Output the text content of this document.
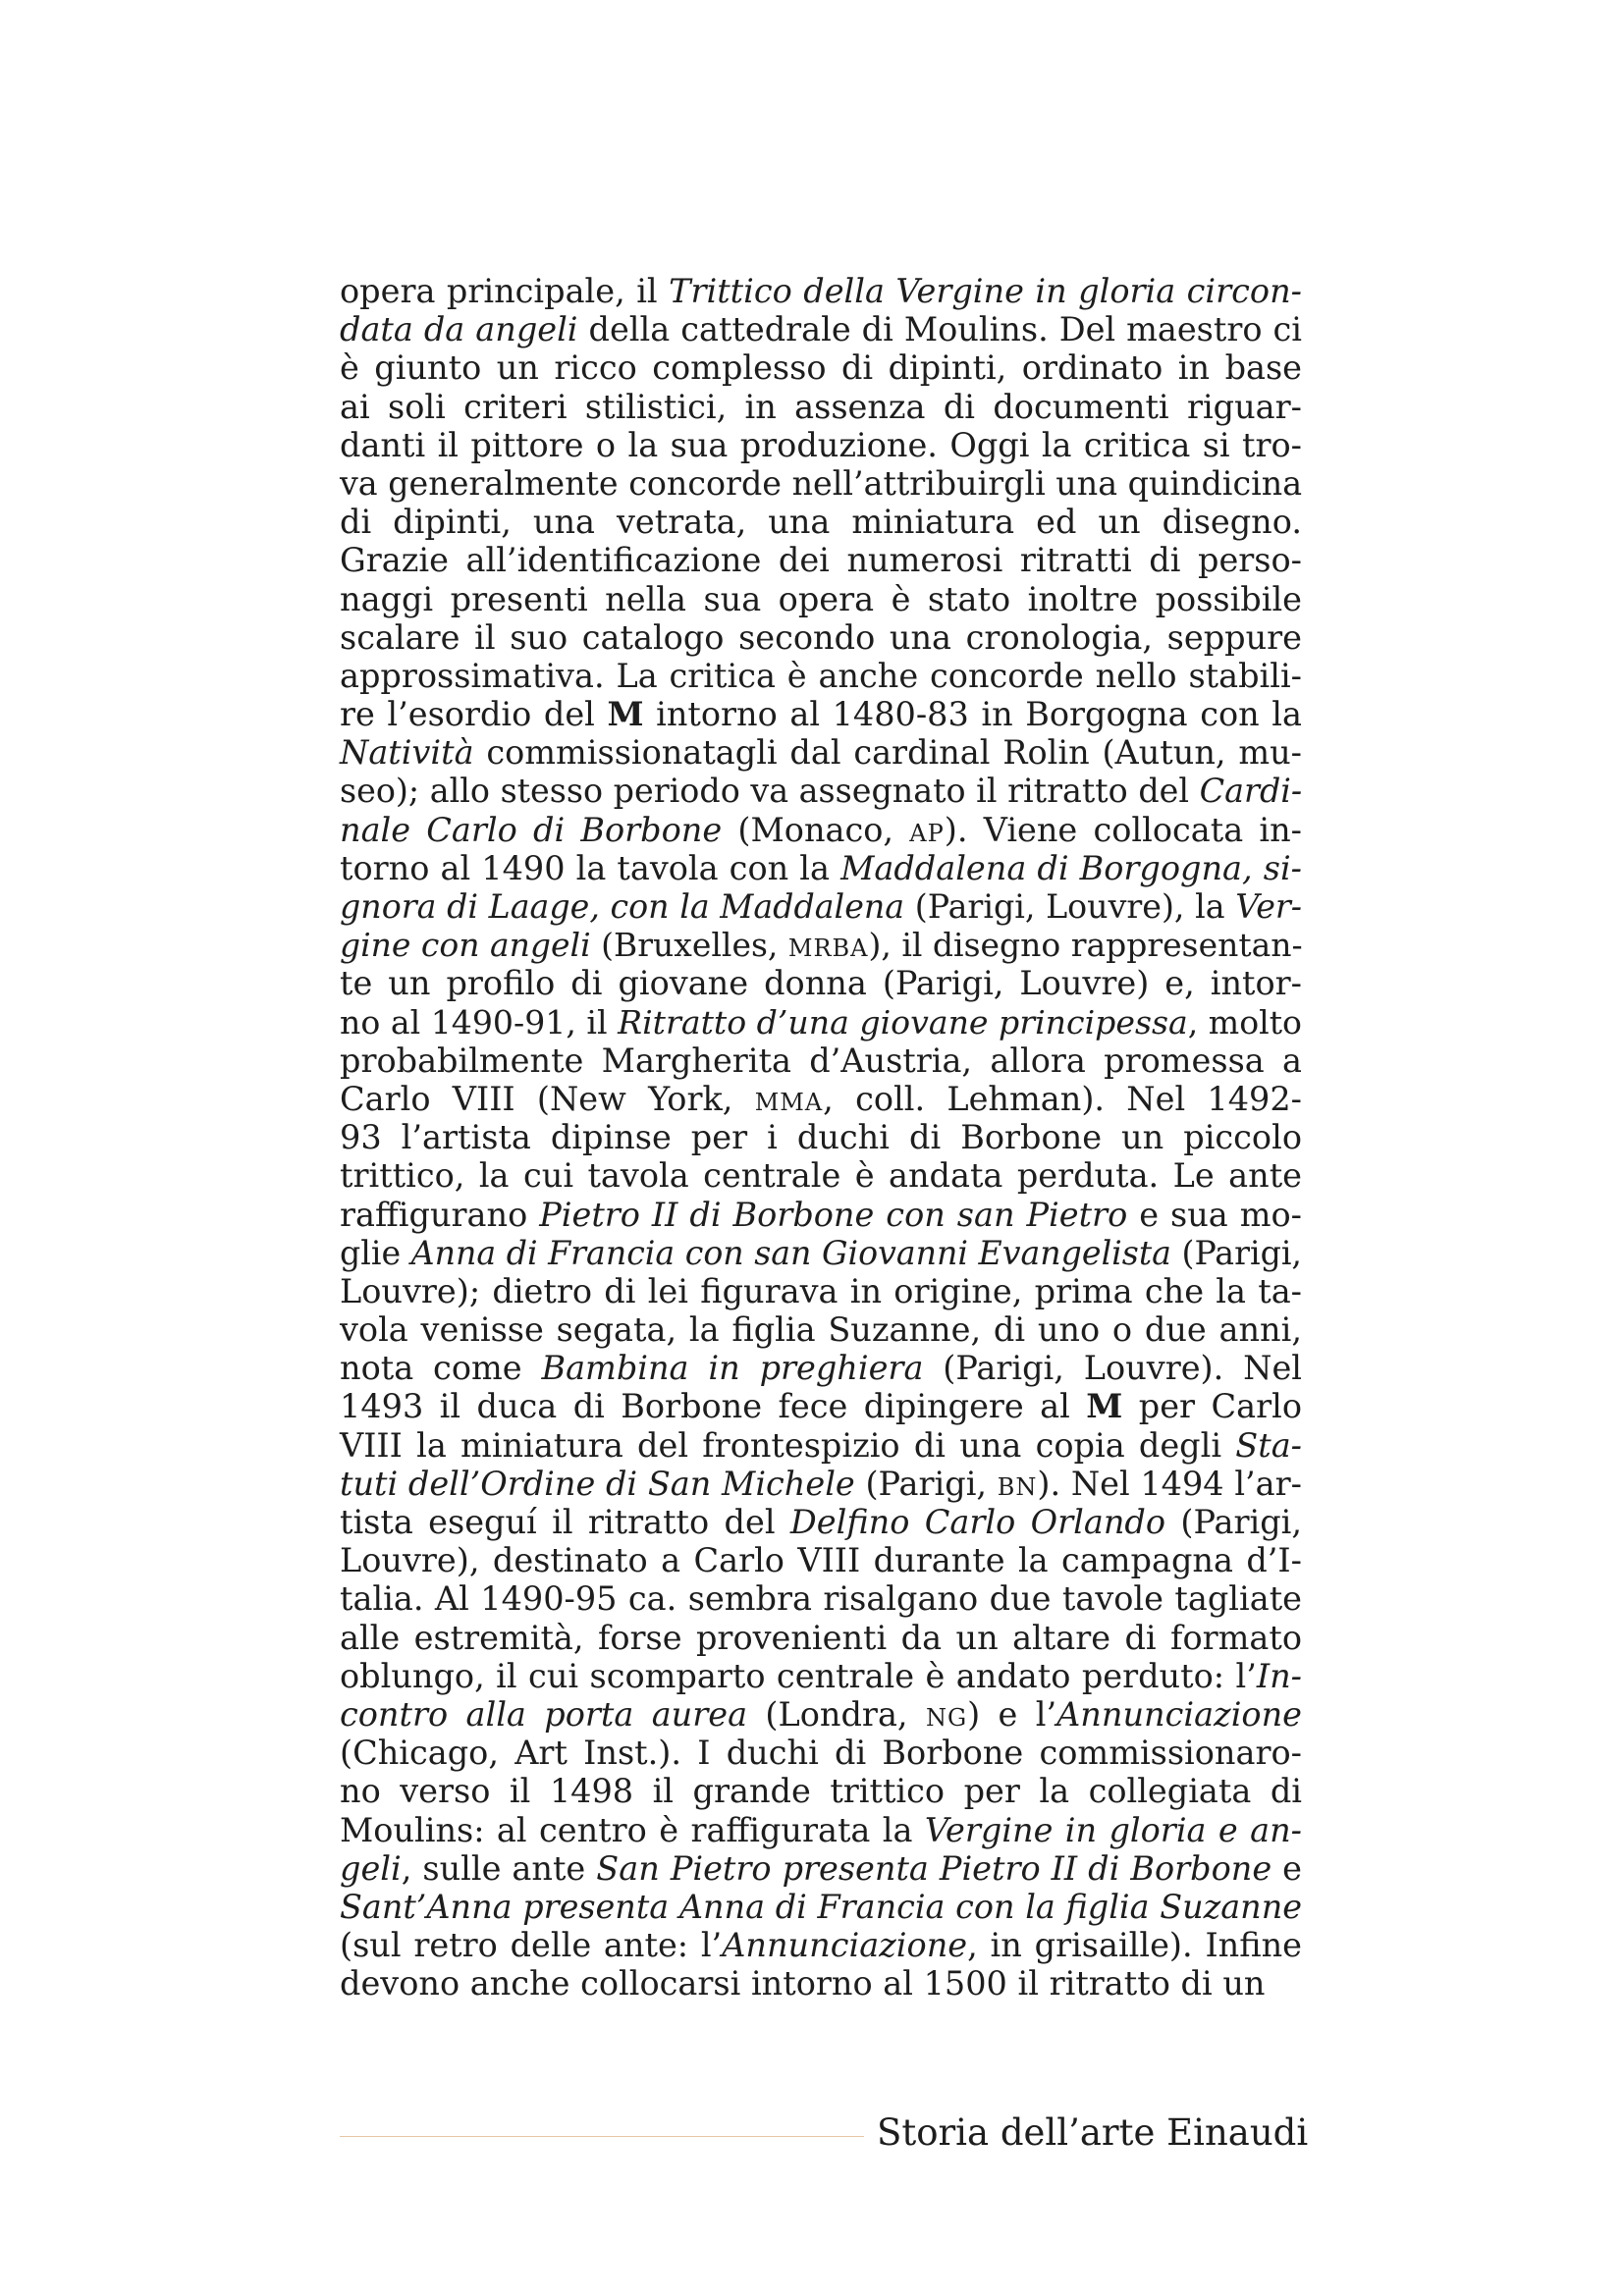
opera principale, il Trittico della Vergine in gloria circon-
data da angeli della cattedrale di Moulins. Del maestro ci
è giunto un ricco complesso di dipinti, ordinato in base
ai soli criteri stilistici, in assenza di documenti riguar-
danti il pittore o la sua produzione. Oggi la critica si tro-
va generalmente concorde nell’attribuirgli una quindicina
di dipinti, una vetrata, una miniatura ed un disegno.
Grazie all’identificazione dei numerosi ritratti di perso-
naggi presenti nella sua opera è stato inoltre possibile
scalare il suo catalogo secondo una cronologia, seppure
approssimativa. La critica è anche concorde nello stabili-
re l’esordio del M intorno al 1480-83 in Borgogna con la
Natività commissionatagli dal cardinal Rolin (Autun, mu-
seo); allo stesso periodo va assegnato il ritratto del Cardi-
nale Carlo di Borbone (Monaco, AP). Viene collocata in-
torno al 1490 la tavola con la Maddalena di Borgogna, si-
gnora di Laage, con la Maddalena (Parigi, Louvre), la Ver-
gine con angeli (Bruxelles, MRBA), il disegno rappresentan-
te un profilo di giovane donna (Parigi, Louvre) e, intor-
no al 1490-91, il Ritratto d’una giovane principessa, molto
probabilmente Margherita d’Austria, allora promessa a
Carlo VIII (New York, MMA, coll. Lehman). Nel 1492-
93 l’artista dipinse per i duchi di Borbone un piccolo
trittico, la cui tavola centrale è andata perduta. Le ante
raffigurano Pietro II di Borbone con san Pietro e sua mo-
glie Anna di Francia con san Giovanni Evangelista (Parigi,
Louvre); dietro di lei figurava in origine, prima che la ta-
vola venisse segata, la figlia Suzanne, di uno o due anni,
nota come Bambina in preghiera (Parigi, Louvre). Nel
1493 il duca di Borbone fece dipingere al M per Carlo
VIII la miniatura del frontespizio di una copia degli Sta-
tuti dell’Ordine di San Michele (Parigi, BN). Nel 1494 l’ar-
tista eseguí il ritratto del Delfino Carlo Orlando (Parigi,
Louvre), destinato a Carlo VIII durante la campagna d’I-
talia. Al 1490-95 ca. sembra risalgano due tavole tagliate
alle estremità, forse provenienti da un altare di formato
oblungo, il cui scomparto centrale è andato perduto: l’In-
contro alla porta aurea (Londra, NG) e l’Annunciazione
(Chicago, Art Inst.). I duchi di Borbone commissionaro-
no verso il 1498 il grande trittico per la collegiata di
Moulins: al centro è raffigurata la Vergine in gloria e an-
geli, sulle ante San Pietro presenta Pietro II di Borbone e
Sant’Anna presenta Anna di Francia con la figlia Suzanne
(sul retro delle ante: l’Annunciazione, in grisaille). Infine
devono anche collocarsi intorno al 1500 il ritratto di un
Storia dell’arte Einaudi
